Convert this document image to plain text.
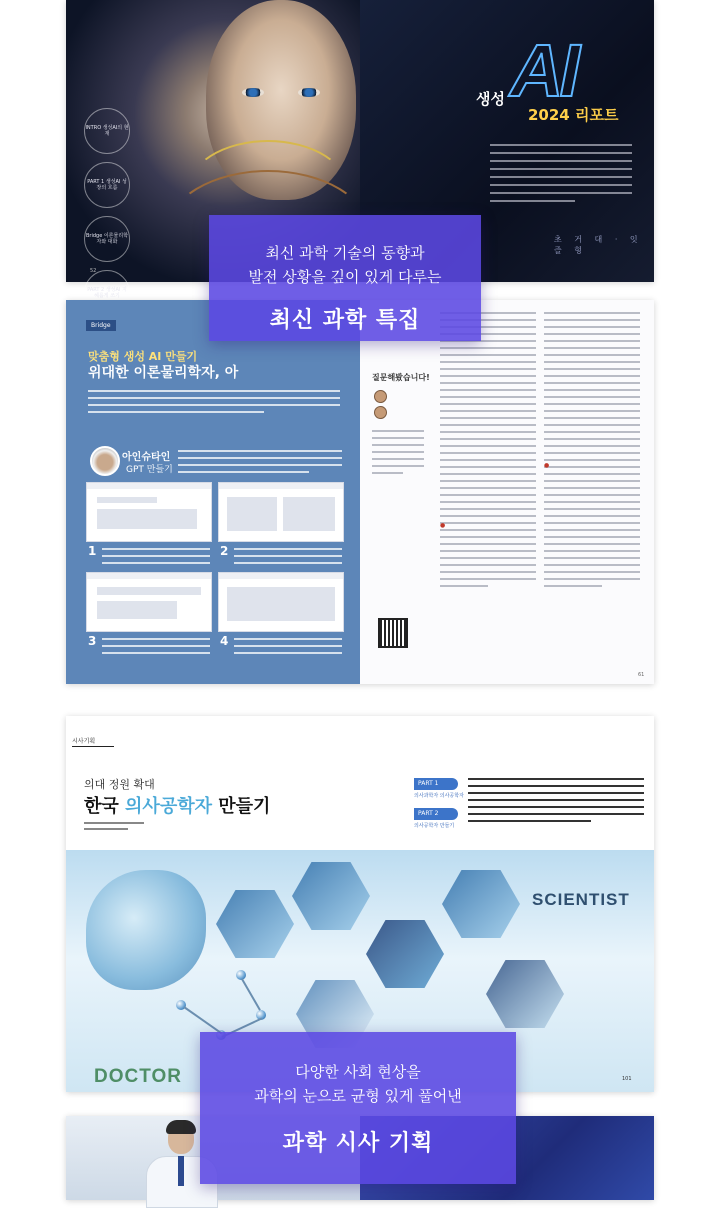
INTRO 생성AI의 현재
PART 1 생성AI 성장의 흐름
Bridge 이론물리학자와 대화
PART 2 생성AI 지혜롭게 쓰기
52
AI
생성
2024 리포트
초 거 대 · 잇 즐 형
Bridge
맞춤형 생성 AI 만들기
위대한 이론물리학자, 아
아인슈타인
GPT 만들기
1	2
3	4
질문해봤습니다!
●
●
61
시사기획
의대 정원 확대
한국 의사공학자 만들기
PART 1
의사과학자 의사공학자
PART 2
의사공학자 만들기
SCIENTIST
DOCTOR	101
최신 과학 기술의 동향과
발전 상황을 깊이 있게 다루는
최신 과학 특집
다양한 사회 현상을
과학의 눈으로 균형 있게 풀어낸
과학 시사 기획
